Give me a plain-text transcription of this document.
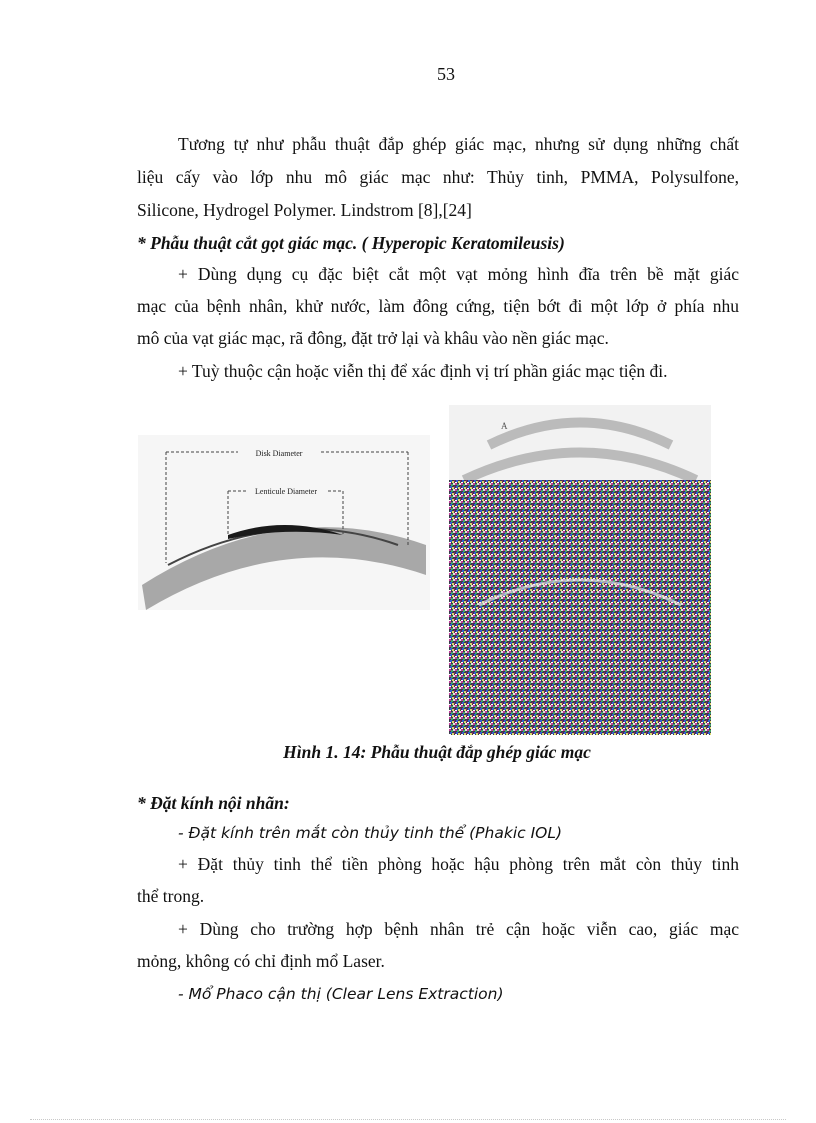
53
Tương tự như phẫu thuật đắp ghép giác mạc, nhưng sử dụng những chất
liệu cấy vào lớp nhu mô giác mạc như: Thủy tinh, PMMA, Polysulfone,
Silicone, Hydrogel Polymer. Lindstrom [8],[24]
* Phẫu thuật cắt gọt giác mạc. ( Hyperopic Keratomileusis)
+ Dùng dụng cụ đặc biệt cắt một vạt mỏng hình đĩa trên bề mặt giác
mạc của bệnh nhân, khử nước, làm đông cứng, tiện bớt đi một lớp ở phía nhu
mô của vạt giác mạc, rã đông, đặt trở lại và khâu vào nền giác mạc.
+ Tuỳ thuộc cận hoặc viễn thị để xác định vị trí phần giác mạc tiện đi.
Disk Diameter
Lenticule Diameter
A
Hình 1. 14: Phẫu thuật đắp ghép giác mạc
* Đặt kính nội nhãn:
- Đặt kính trên mắt còn thủy tinh thể (Phakic IOL)
+ Đặt thủy tinh thể tiền phòng hoặc hậu phòng trên mắt còn thủy tinh
thể trong.
+ Dùng cho trường hợp bệnh nhân trẻ cận hoặc viễn cao, giác mạc
mỏng, không có chỉ định mổ Laser.
- Mổ Phaco cận thị (Clear Lens Extraction)
